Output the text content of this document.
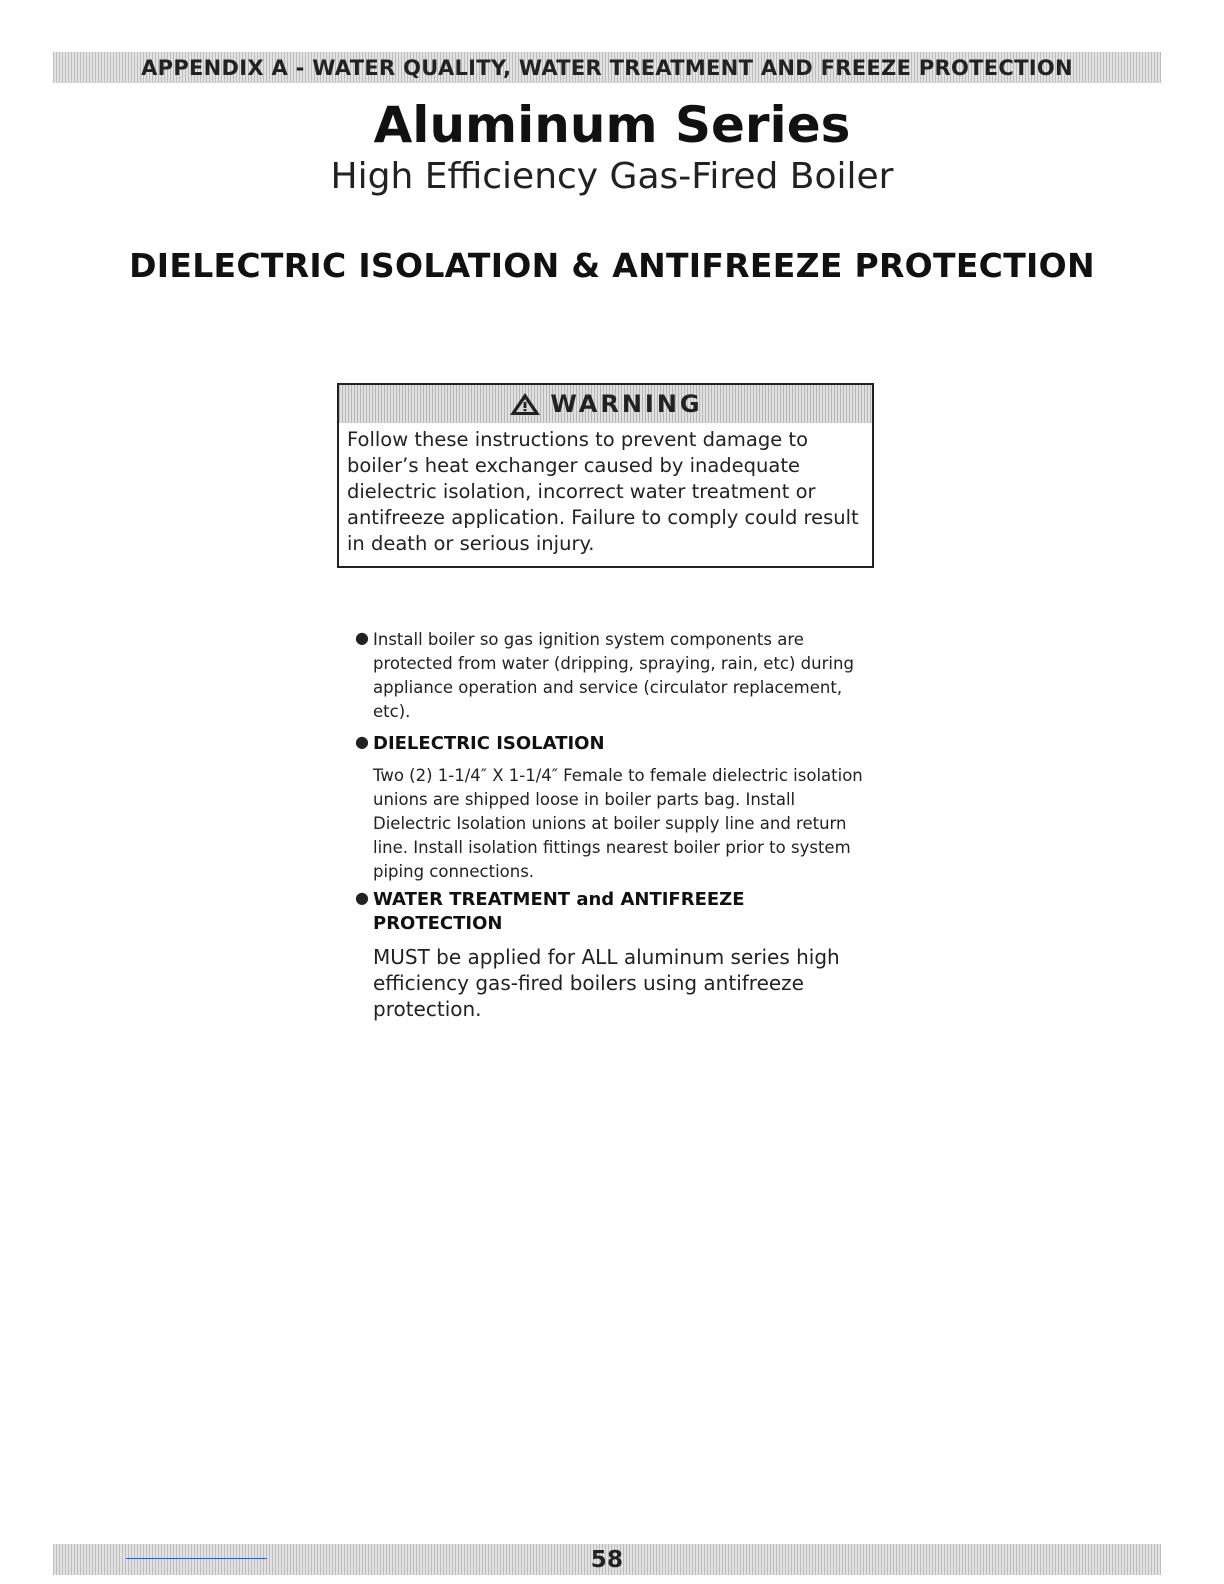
APPENDIX A - WATER QUALITY, WATER TREATMENT AND FREEZE PROTECTION
Aluminum Series
High Efficiency Gas-Fired Boiler
DIELECTRIC ISOLATION & ANTIFREEZE PROTECTION
WARNING
Follow these instructions to prevent damage to boiler’s heat exchanger caused by inadequate dielectric isolation, incorrect water treatment or antifreeze application. Failure to comply could result in death or serious injury.
● Install boiler so gas ignition system components are protected from water (dripping, spraying, rain, etc) during appliance operation and service (circulator replacement, etc).
● DIELECTRIC ISOLATION
Two (2) 1-1/4″ X 1-1/4″ Female to female dielectric isolation unions are shipped loose in boiler parts bag. Install Dielectric Isolation unions at boiler supply line and return line. Install isolation fittings nearest boiler prior to system piping connections.
● WATER TREATMENT and ANTIFREEZE
PROTECTION
MUST be applied for ALL aluminum series high efficiency gas-fired boilers using antifreeze protection.
58
